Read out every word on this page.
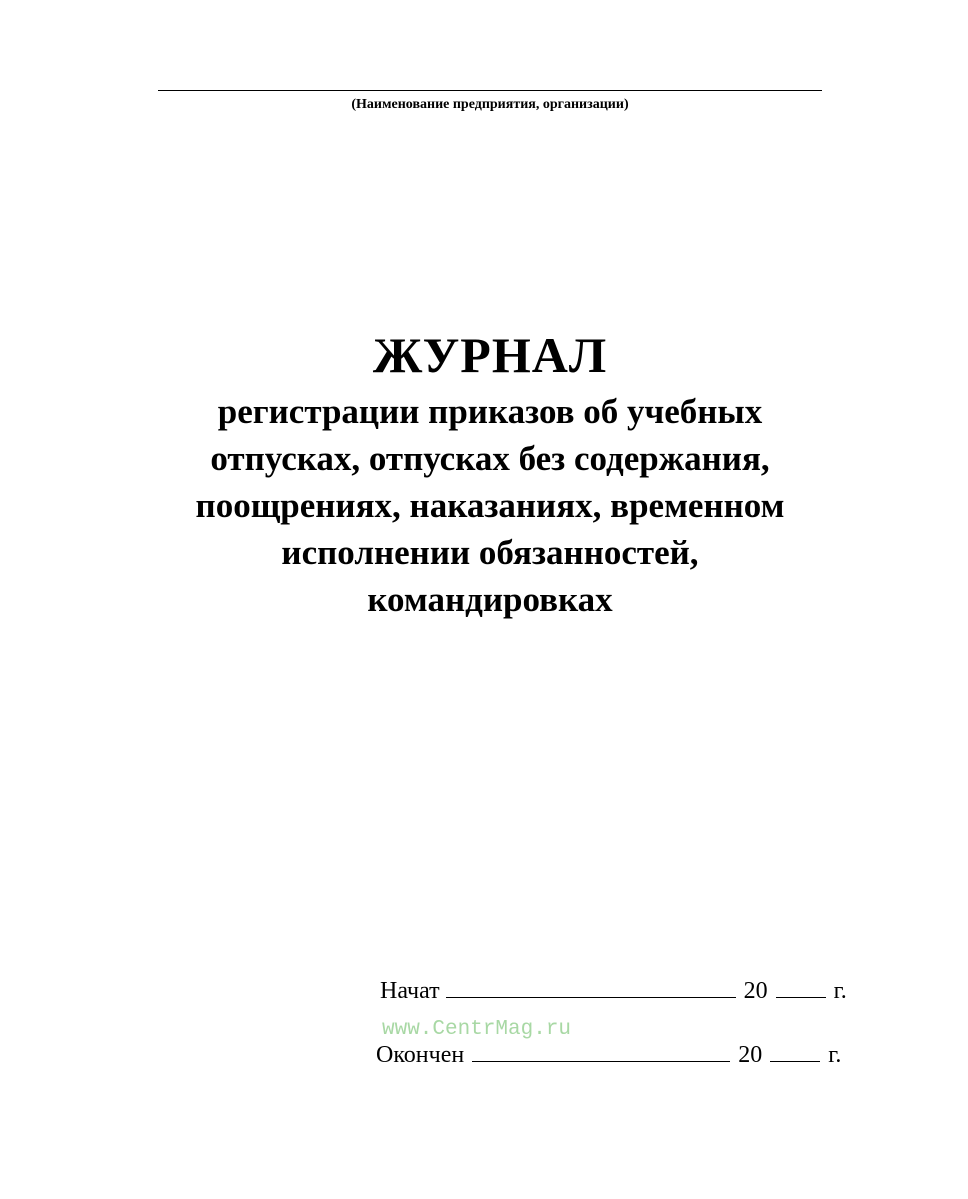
(Наименование предприятия, организации)
ЖУРНАЛ
регистрации приказов об учебных
отпусках, отпусках без содержания,
поощрениях, наказаниях, временном
исполнении обязанностей,
командировках
Начат	20	г.
www.CentrMag.ru
Окончен	20	г.
